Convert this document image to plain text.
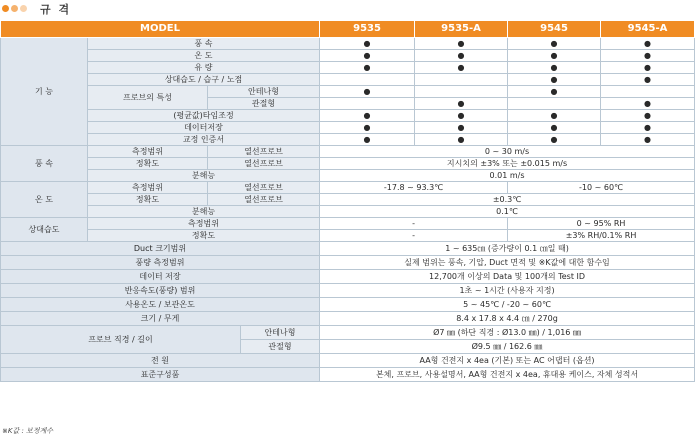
규 격
MODEL				9535	9535-A	9545	9545-A
기 능	풍 속			●	●	●	●
	온 도			●	●	●	●
	유 량			●	●	●	●
	상대습도 / 습구 / 노점					●	●
	프로브의 특성	안테나형		●		●	
		관절형			●		●
	(평균값)타임조정			●	●	●	●
	데이터저장			●	●	●	●
	교정 인증서			●	●	●	●
풍 속	측정범위	열선프로브		0 ~ 30 m/s			
	정확도	열선프로브		지시치의 ±3% 또는 ±0.015 m/s			
	분해능			0.01 m/s			
온 도	측정범위	열선프로브		-17.8 ~ 93.3℃		-10 ~ 60℃	
	정확도	열선프로브		±0.3℃			
	분해능			0.1℃			
상대습도	측정범위			-		0 ~ 95% RH	
	정확도			-		±3% RH/0.1% RH	
Duct 크기범위				1 ~ 635㎝ (증가량이 0.1 ㎝일 때)			
풍량 측정범위				실제 범위는 풍속, 기압, Duct 면적 및 ※K값에 대한 함수임			
데이터 저장				12,700개 이상의 Data 및 100개의 Test ID			
반응속도(풍량) 범위				1초 ~ 1시간 (사용자 지정)			
사용온도 / 보관온도				5 ~ 45℃ / -20 ~ 60℃			
크기 / 무게				8.4 x 17.8 x 4.4 ㎝ / 270g			
프로브 직경 / 길이			안테나형	Ø7 ㎜ (하단 직경 : Ø13.0 ㎜) / 1,016 ㎜			
			관절형	Ø9.5 ㎜ / 162.6 ㎜			
전 원				AA형 건전지 x 4ea (기본) 또는 AC 어댑터 (옵션)			
표준구성품				본체, 프로브, 사용설명서, AA형 건전지 x 4ea, 휴대용 케이스, 자체 성적서			
※K값 : 보정계수
